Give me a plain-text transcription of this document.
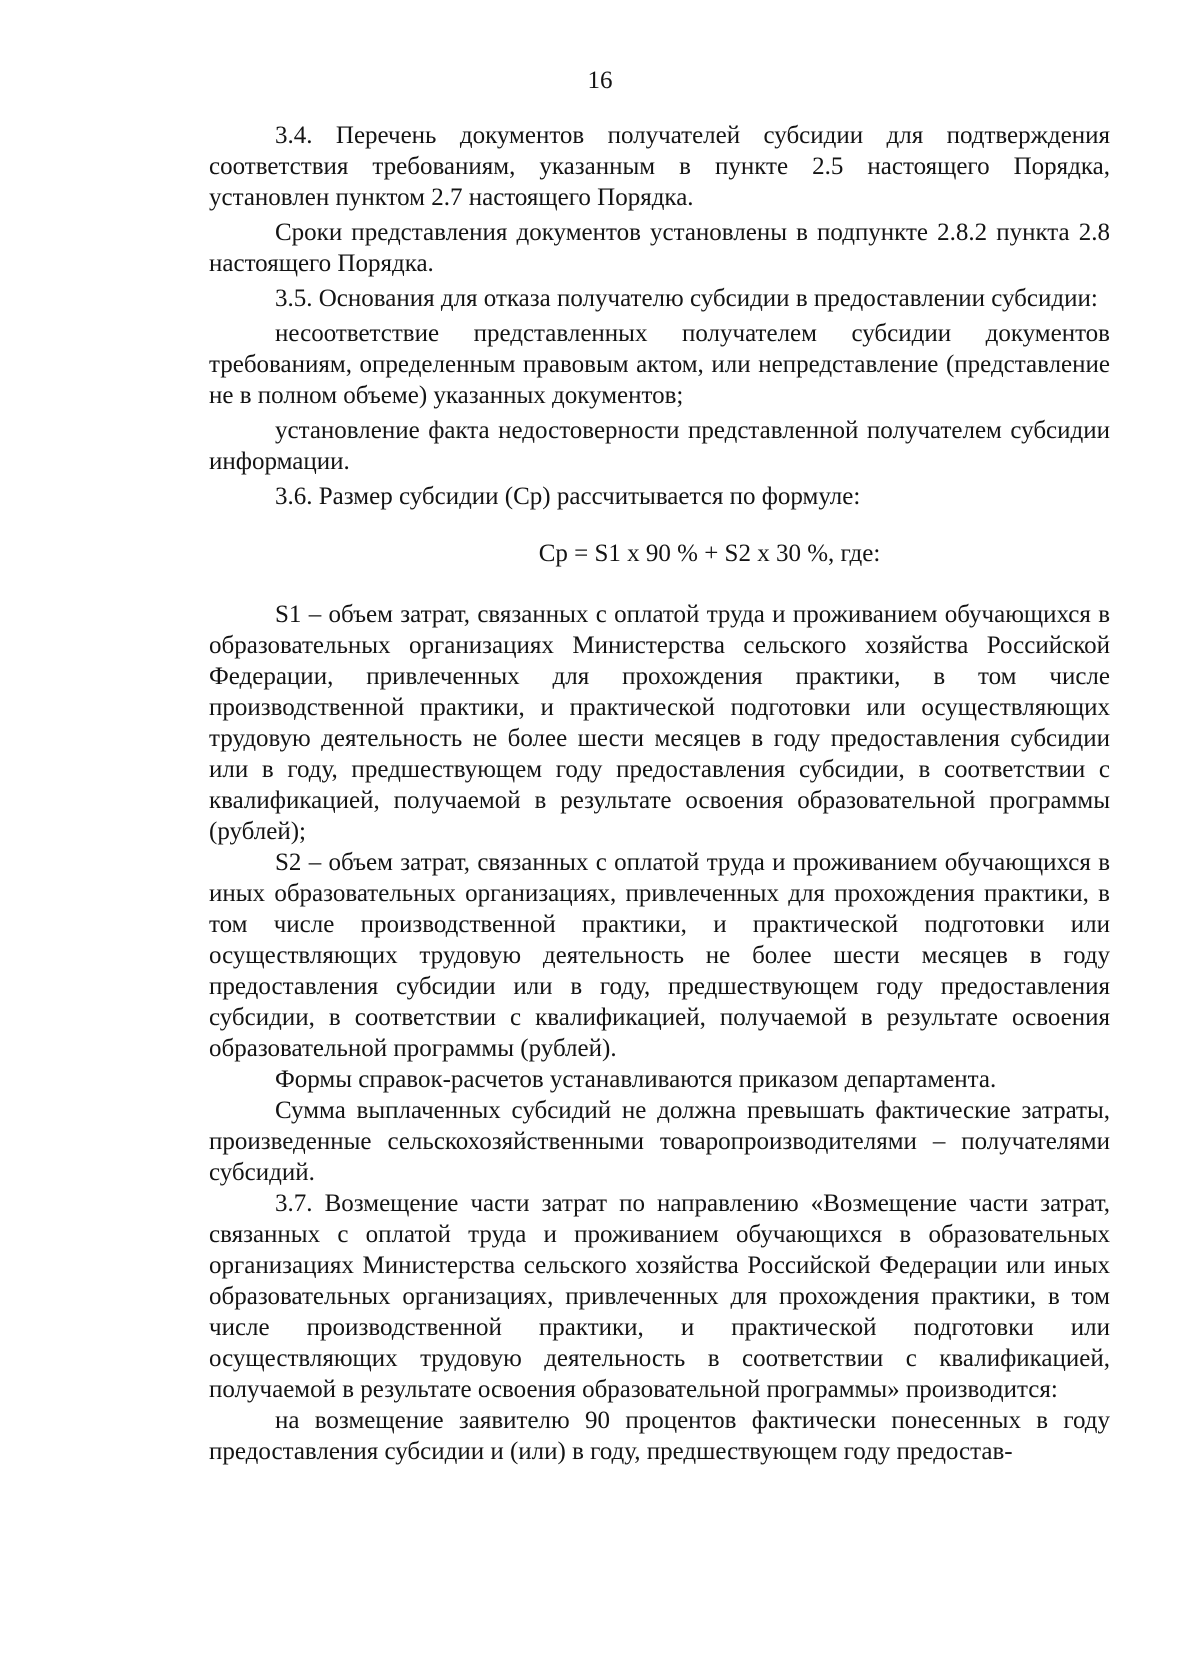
16

3.4. Перечень документов получателей субсидии для подтверждения соответствия требованиям, указанным в пункте 2.5 настоящего Порядка, установлен пунктом 2.7 настоящего Порядка.

Сроки представления документов установлены в подпункте 2.8.2 пункта 2.8 настоящего Порядка.

3.5. Основания для отказа получателю субсидии в предоставлении субсидии:

несоответствие представленных получателем субсидии документов требованиям, определенным правовым актом, или непредставление (представление не в полном объеме) указанных документов;

установление факта недостоверности представленной получателем субсидии информации.

3.6. Размер субсидии (Ср) рассчитывается по формуле:

Ср = S1 x 90 % + S2 x 30 %, где:

S1 – объем затрат, связанных с оплатой труда и проживанием обучающихся в образовательных организациях Министерства сельского хозяйства Российской Федерации, привлеченных для прохождения практики, в том числе производственной практики, и практической подготовки или осуществляющих трудовую деятельность не более шести месяцев в году предоставления субсидии или в году, предшествующем году предоставления субсидии, в соответствии с квалификацией, получаемой в результате освоения образовательной программы (рублей);

S2 – объем затрат, связанных с оплатой труда и проживанием обучающихся в иных образовательных организациях, привлеченных для прохождения практики, в том числе производственной практики, и практической подготовки или осуществляющих трудовую деятельность не более шести месяцев в году предоставления субсидии или в году, предшествующем году предоставления субсидии, в соответствии с квалификацией, получаемой в результате освоения образовательной программы (рублей).

Формы справок-расчетов устанавливаются приказом департамента.

Сумма выплаченных субсидий не должна превышать фактические затраты, произведенные сельскохозяйственными товаропроизводителями – получателями субсидий.

3.7. Возмещение части затрат по направлению «Возмещение части затрат, связанных с оплатой труда и проживанием обучающихся в образовательных организациях Министерства сельского хозяйства Российской Федерации или иных образовательных организациях, привлеченных для прохождения практики, в том числе производственной практики, и практической подготовки или осуществляющих трудовую деятельность в соответствии с квалификацией, получаемой в результате освоения образовательной программы» производится:

на возмещение заявителю 90 процентов фактически понесенных в году предоставления субсидии и (или) в году, предшествующем году предостав-
